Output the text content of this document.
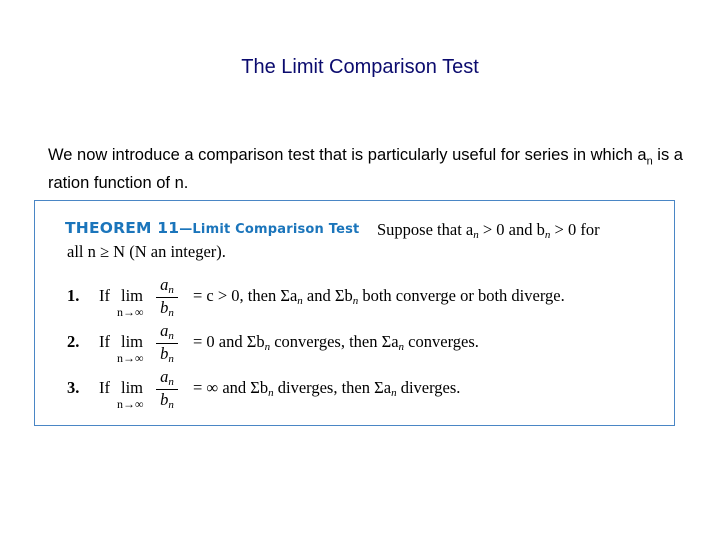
The Limit Comparison Test
We now introduce a comparison test that is particularly useful for series in which $a_n$ is a ration function of n.
THEOREM 11—Limit Comparison Test Suppose that an > 0 and bn > 0 for
all n ≥ N (N an integer).
1. If lim
n→∞
an
bn
= c > 0, then Σan and Σbn both converge or both diverge.
2. If lim
n→∞
an
bn
= 0 and Σbn converges, then Σan converges.
3. If lim
n→∞
an
bn
= ∞ and Σbn diverges, then Σan diverges.
